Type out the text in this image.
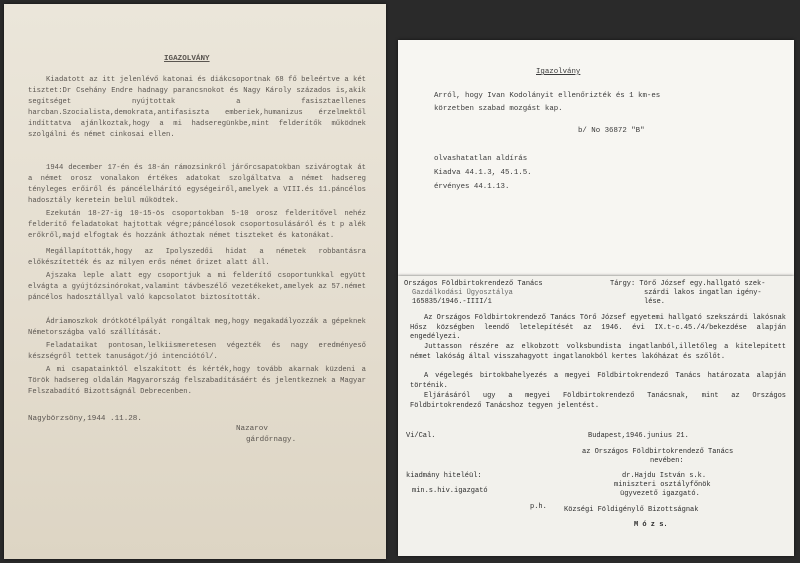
IGAZOLVÁNY
Kiadatott az itt jelenlévő katonai és diákcsoportnak 68 fő beleértve a két tisztet:Dr Csehány Endre hadnagy parancsnokot és Nagy Károly százados is,akik segítséget nyújtottak a fasisztaellenes harcban.Szocialista,demokrata,antifasiszta emberiek,humanizus érzelmektől indíttatva ajánlkoztak,hogy a mi hadseregünkbe,mint felderítők működnek szolgálni és német cinkosai ellen.
1944 december 17-én és 18-án rámozsinkról járőrcsapatokban szivárogtak át a német orosz vonalakon értékes adatokat szolgáltatva a német hadsereg tényleges erőiről és páncélelhárító egységeiről,amelyek a VIII.és 11.páncélos hadosztály keretein belül működtek.
Ezekután 18-27-ig 10-15-ös csoportokban 5-10 orosz felderítővel nehéz felderítő feladatokat hajtottak végre;páncélosok csoportosulásáról és t p alék erőkről,majd elfogtak és hozzánk áthoztak német tiszteket és katonákat.
Megállapították,hogy az Ipolyszedői hidat a németek robbantásra előkészítették és az milyen erős német őrizet alatt áll.
Ajszaka leple alatt egy csoportjuk a mi felderítő csoportunkkal együtt elvágta a gyújtózsinórokat,valamint távbeszélő vezetékeket,amelyek az 57.német páncélos hadosztállyal való kapcsolatot biztosították.
Ádriamoszkok drótkötélpályát rongáltak meg,hogy megakadályozzák a gépeknek Németországba való szállítását.
Feladataikat pontosan,lelkiismeretesen végezték és nagy eredményeső készségről tettek tanuságot/jó intenciótól/.
A mi csapatainktól elszakított és kérték,hogy tovább akarnak küzdeni a Török hadsereg oldalán Magyarország felszabadításáért és jelentkeznek a Magyar Felszabadító Bizottságnál Debrecenben.
Nagybörzsöny,1944 .11.28.
Nazarov
gárdőrnagy.
Igazolvány
Arról, hogy Ivan Kodolányit ellenőrizték és 1 km-es
körzetben szabad mozgást kap.
b/ No 36872 "B"
olvashatatlan aldírás
Kiadva 44.1.3, 45.1.5.
érvényes 44.1.13.
Országos Földbirtokrendező Tanács
Gazdálkodási Ügyosztálya
165835/1946.-IIII/1
Tárgy: Törő József egy.hallgató szek-
szárdi lakos ingatlan igény-
lése.
Az Országos Földbirtokrendező Tanács Törő József egyetemi hallgató szekszárdi lakósnak Hősz községben leendő letelepítését az 1946. évi IX.t-c.45./4/bekezdése alapján engedélyezi.
Juttasson részére az elkobzott volksbundista ingatlanból,illetőleg a kitelepített német lakóság által visszahagyott ingatlanokból kertes lakóházat és szőlőt.
A végelegés birtokbahelyezés a megyei Földbirtokrendező Tanács határozata alapján történik.
Eljárásáról ugy a megyei Földbirtokrendező Tanácsnak, mint az Országos Földbirtokrendező Tanácshoz tegyen jelentést.
Vi/Cal.	Budapest,1946.junius 21.
az Országos Földbirtokrendező Tanács
nevében:
kiadmány hiteléül:
min.s.hiv.igazgató
p.h.
dr.Hajdu István s.k.
miniszteri osztályfőnök
ügyvezető igazgató.
Községi Földigénylő Bizottságnak
M ó z s.
